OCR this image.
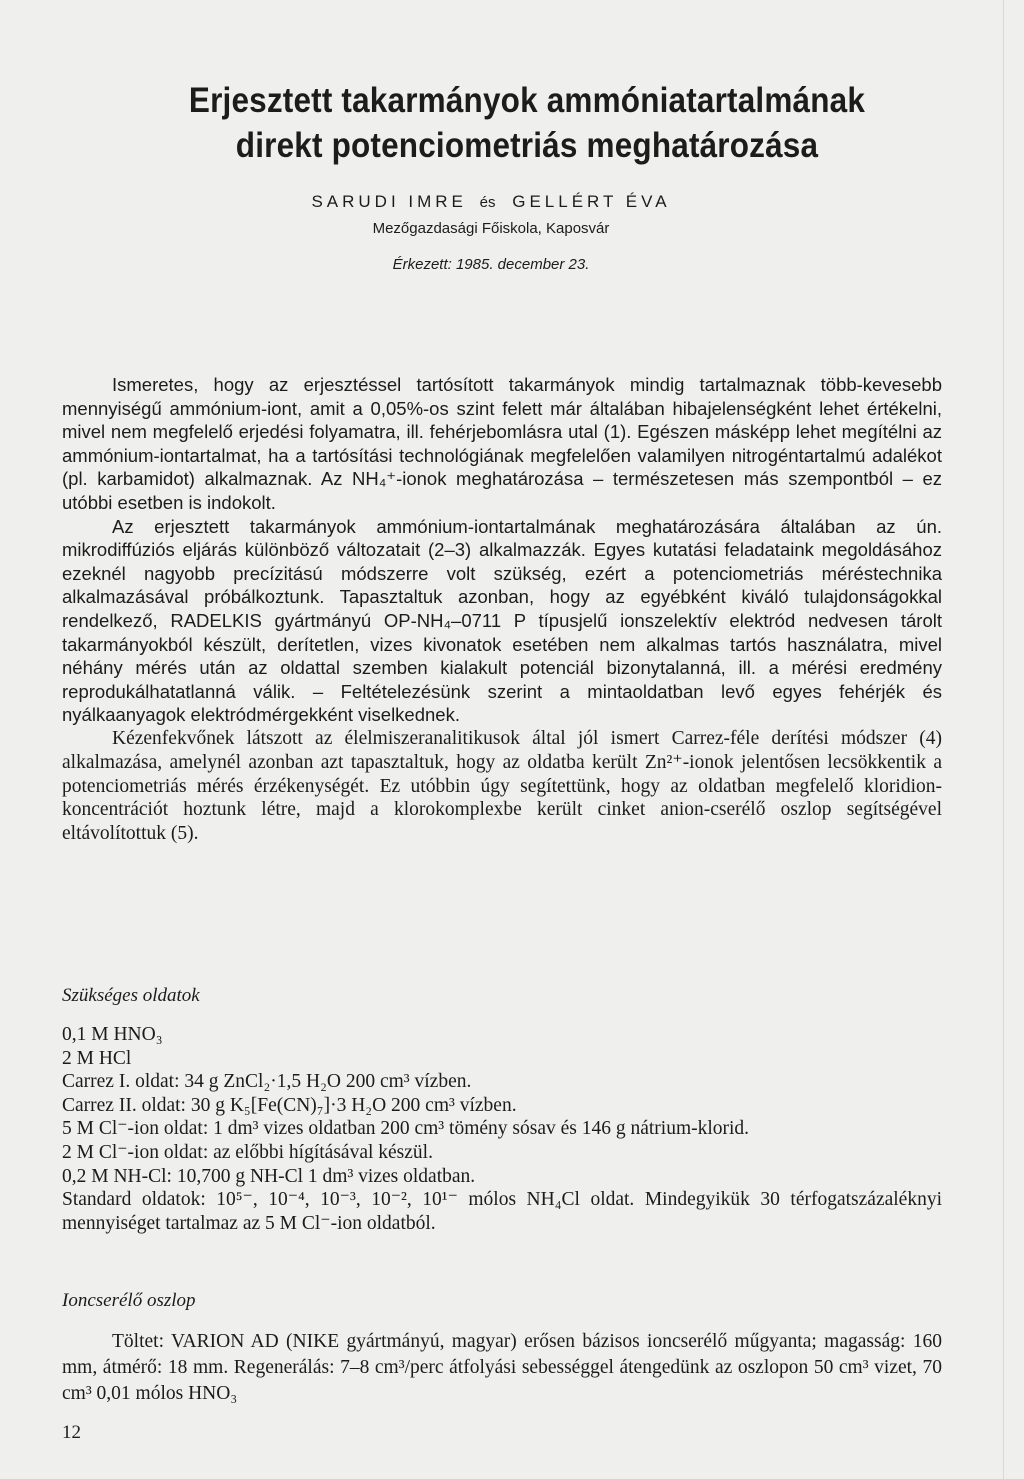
Erjesztett takarmányok ammóniatartalmának
direkt potenciometriás meghatározása
SARUDI IMRE és GELLÉRT ÉVA
Mezőgazdasági Főiskola, Kaposvár
Érkezett: 1985. december 23.

Ismeretes, hogy az erjesztéssel tartósított takarmányok mindig tartalmaznak több-kevesebb mennyiségű ammónium-iont, amit a 0,05%-os szint felett már általában hibajelenségként lehet értékelni, mivel nem megfelelő erjedési folyamatra, ill. fehérjebomlásra utal (1). Egészen másképp lehet megítélni az ammónium-iontartalmat, ha a tartósítási technológiának megfelelően valamilyen nitrogéntartalmú adalékot (pl. karbamidot) alkalmaznak. Az NH₄⁺-ionok meghatározása – természetesen más szempontból – ez utóbbi esetben is indokolt.

Az erjesztett takarmányok ammónium-iontartalmának meghatározására általában az ún. mikrodiffúziós eljárás különböző változatait (2–3) alkalmazzák. Egyes kutatási feladataink megoldásához ezeknél nagyobb precízitású módszerre volt szükség, ezért a potenciometriás méréstechnika alkalmazásával próbálkoztunk. Tapasztaltuk azonban, hogy az egyébként kiváló tulajdonságokkal rendelkező, RADELKIS gyártmányú OP-NH₄–0711 P típusjelű ionszelektív elektród nedvesen tárolt takarmányokból készült, derítetlen, vizes kivonatok esetében nem alkalmas tartós használatra, mivel néhány mérés után az oldattal szemben kialakult potenciál bizonytalanná, ill. a mérési eredmény reprodukálhatatlanná válik. – Feltételezésünk szerint a mintaoldatban levő egyes fehérjék és nyálkaanyagok elektródmérgekként viselkednek.

Kézenfekvőnek látszott az élelmiszeranalitikusok által jól ismert Carrez-féle derítési módszer (4) alkalmazása, amelynél azonban azt tapasztaltuk, hogy az oldatba került Zn²⁺-ionok jelentősen lecsökkentik a potenciometriás mérés érzékenységét. Ez utóbbin úgy segítettünk, hogy az oldatban megfelelő kloridion-koncentrációt hoztunk létre, majd a klorokomplexbe került cinket anion-cserélő oszlop segítségével eltávolítottuk (5).

Szükséges oldatok
0,1 M HNO₃
2 M HCl
Carrez I. oldat: 34 g ZnCl₂·1,5 H₂O 200 cm³ vízben.
Carrez II. oldat: 30 g K₅[Fe(CN)₇]·3 H₂O 200 cm³ vízben.
5 M Cl⁻-ion oldat: 1 dm³ vizes oldatban 200 cm³ tömény sósav és 146 g nátrium-klorid.
2 M Cl⁻-ion oldat: az előbbi hígításával készül.
0,2 M NH-Cl: 10,700 g NH-Cl 1 dm³ vizes oldatban.
Standard oldatok: 10⁵⁻, 10⁻⁴, 10⁻³, 10⁻², 10¹⁻ mólos NH₄Cl oldat. Mindegyikük 30 térfogatszázaléknyi mennyiséget tartalmaz az 5 M Cl⁻-ion oldatból.
Ioncserélő oszlop

Töltet: VARION AD (NIKE gyártmányú, magyar) erősen bázisos ioncserélő műgyanta; magasság: 160 mm, átmérő: 18 mm. Regenerálás: 7–8 cm³/perc átfolyási sebességgel átengedünk az oszlopon 50 cm³ vizet, 70 cm³ 0,01 mólos HNO₃

12
